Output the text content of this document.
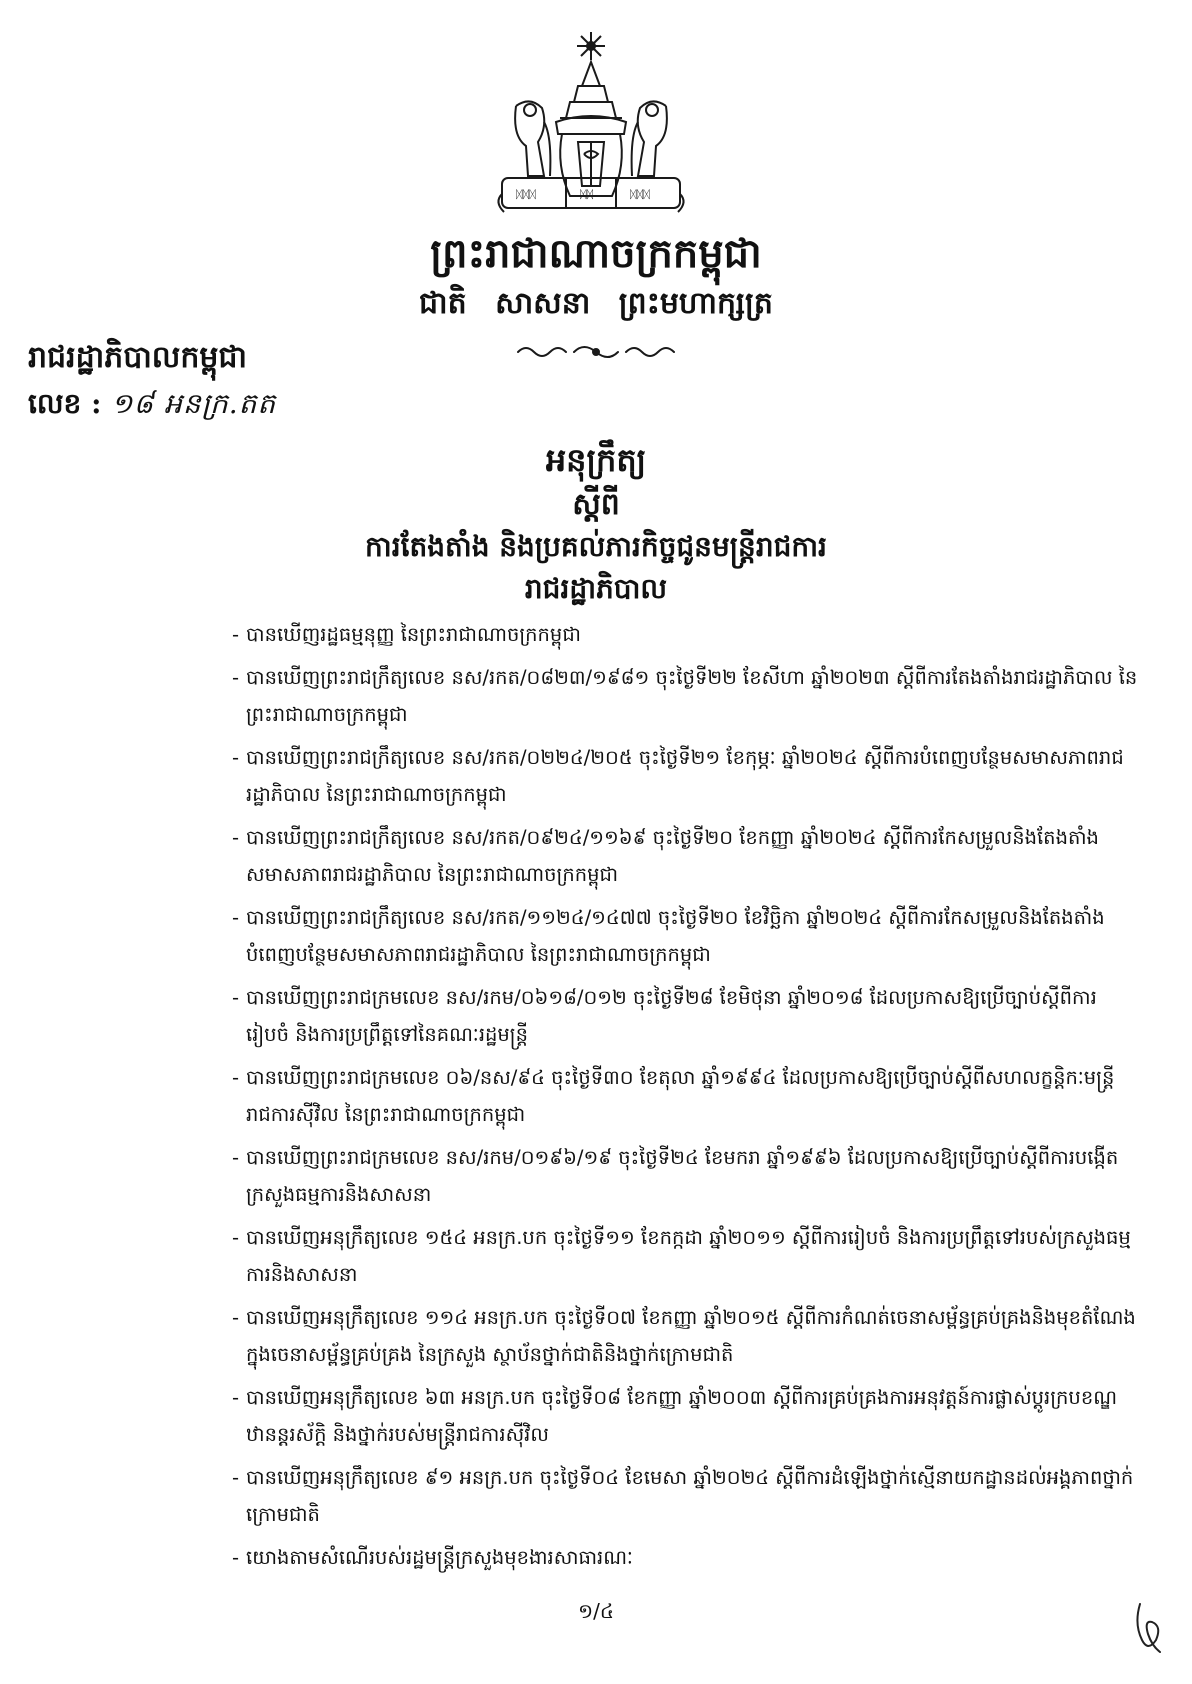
ᛞᛞᛞ	ᛞᛞ	ᛞᛞᛞ
ព្រះរាជាណាចក្រកម្ពុជា
ជាតិ សាសនា ព្រះមហាក្សត្រ
រាជរដ្ឋាភិបាលកម្ពុជា
លេខ : ១៨ អនក្រ.តត
អនុក្រឹត្យ
ស្តីពី
ការតែងតាំង និងប្រគល់ភារកិច្ចជូនមន្ត្រីរាជការ
រាជរដ្ឋាភិបាល
- បានឃើញរដ្ឋធម្មនុញ្ញ នៃព្រះរាជាណាចក្រកម្ពុជា
- បានឃើញព្រះរាជក្រឹត្យលេខ នស/រកត/០៨២៣/១៩៨១ ចុះថ្ងៃទី២២ ខែសីហា ឆ្នាំ២០២៣ ស្តីពីការតែងតាំងរាជរដ្ឋាភិបាល នៃព្រះរាជាណាចក្រកម្ពុជា
- បានឃើញព្រះរាជក្រឹត្យលេខ នស/រកត/០២២៤/២០៥ ចុះថ្ងៃទី២១ ខែកុម្ភៈ ឆ្នាំ២០២៤ ស្តីពីការបំពេញបន្ថែមសមាសភាពរាជរដ្ឋាភិបាល នៃព្រះរាជាណាចក្រកម្ពុជា
- បានឃើញព្រះរាជក្រឹត្យលេខ នស/រកត/០៩២៤/១១៦៩ ចុះថ្ងៃទី២០ ខែកញ្ញា ឆ្នាំ២០២៤ ស្តីពីការកែសម្រួលនិងតែងតាំងសមាសភាពរាជរដ្ឋាភិបាល នៃព្រះរាជាណាចក្រកម្ពុជា
- បានឃើញព្រះរាជក្រឹត្យលេខ នស/រកត/១១២៤/១៤៧៧ ចុះថ្ងៃទី២០ ខែវិច្ឆិកា ឆ្នាំ២០២៤ ស្តីពីការកែសម្រួលនិងតែងតាំងបំពេញបន្ថែមសមាសភាពរាជរដ្ឋាភិបាល នៃព្រះរាជាណាចក្រកម្ពុជា
- បានឃើញព្រះរាជក្រមលេខ នស/រកម/០៦១៨/០១២ ចុះថ្ងៃទី២៨ ខែមិថុនា ឆ្នាំ២០១៨ ដែលប្រកាសឱ្យប្រើច្បាប់ស្តីពីការរៀបចំ និងការប្រព្រឹត្តទៅនៃគណៈរដ្ឋមន្ត្រី
- បានឃើញព្រះរាជក្រមលេខ ០៦/នស/៩៤ ចុះថ្ងៃទី៣០ ខែតុលា ឆ្នាំ១៩៩៤ ដែលប្រកាសឱ្យប្រើច្បាប់ស្តីពីសហលក្ខន្តិកៈមន្ត្រីរាជការស៊ីវិល នៃព្រះរាជាណាចក្រកម្ពុជា
- បានឃើញព្រះរាជក្រមលេខ នស/រកម/០១៩៦/១៩ ចុះថ្ងៃទី២៤ ខែមករា ឆ្នាំ១៩៩៦ ដែលប្រកាសឱ្យប្រើច្បាប់ស្តីពីការបង្កើតក្រសួងធម្មការនិងសាសនា
- បានឃើញអនុក្រឹត្យលេខ ១៥៤ អនក្រ.បក ចុះថ្ងៃទី១១ ខែកក្កដា ឆ្នាំ២០១១ ស្តីពីការរៀបចំ និងការប្រព្រឹត្តទៅរបស់ក្រសួងធម្មការនិងសាសនា
- បានឃើញអនុក្រឹត្យលេខ ១១៤ អនក្រ.បក ចុះថ្ងៃទី០៧ ខែកញ្ញា ឆ្នាំ២០១៥ ស្តីពីការកំណត់ចេនាសម្ព័ន្ធគ្រប់គ្រងនិងមុខតំណែងក្នុងចេនាសម្ព័ន្ធគ្រប់គ្រង នៃក្រសួង ស្ថាប័នថ្នាក់ជាតិនិងថ្នាក់ក្រោមជាតិ
- បានឃើញអនុក្រឹត្យលេខ ៦៣ អនក្រ.បក ចុះថ្ងៃទី០៨ ខែកញ្ញា ឆ្នាំ២០០៣ ស្តីពីការគ្រប់គ្រងការអនុវត្តន៍ការផ្លាស់ប្តូរក្របខណ្ឌ ឋានន្តរស័ក្តិ និងថ្នាក់របស់មន្ត្រីរាជការស៊ីវិល
- បានឃើញអនុក្រឹត្យលេខ ៩១ អនក្រ.បក ចុះថ្ងៃទី០៤ ខែមេសា ឆ្នាំ២០២៤ ស្តីពីការដំឡើងថ្នាក់ស្មើនាយកដ្ឋានដល់អង្គភាពថ្នាក់ក្រោមជាតិ
- យោងតាមសំណើរបស់រដ្ឋមន្ត្រីក្រសួងមុខងារសាធារណៈ
១/៤
